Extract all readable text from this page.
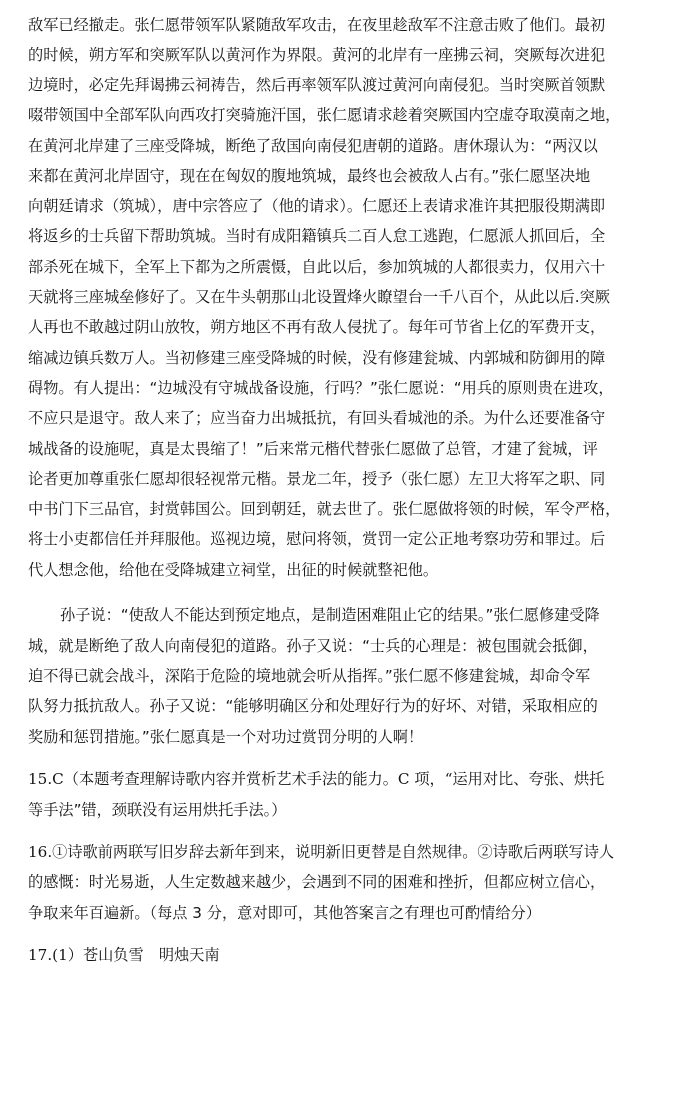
敌军已经撤走。张仁愿带领军队紧随敌军攻击，在夜里趁敌军不注意击败了他们。最初
的时候，朔方军和突厥军队以黄河作为界限。黄河的北岸有一座拂云祠，突厥每次进犯
边境时，必定先拜谒拂云祠祷告，然后再率领军队渡过黄河向南侵犯。当时突厥首领默
啜带领国中全部军队向西攻打突骑施汗国，张仁愿请求趁着突厥国内空虚夺取漠南之地，
在黄河北岸建了三座受降城，断绝了敌国向南侵犯唐朝的道路。唐休璟认为：“两汉以
来都在黄河北岸固守，现在在匈奴的腹地筑城，最终也会被敌人占有。”张仁愿坚决地
向朝廷请求（筑城），唐中宗答应了（他的请求）。仁愿还上表请求准许其把服役期满即
将返乡的士兵留下帮助筑城。当时有成阳籍镇兵二百人怠工逃跑，仁愿派人抓回后，全
部杀死在城下，全军上下都为之所震慑，自此以后，参加筑城的人都很卖力，仅用六十
天就将三座城垒修好了。又在牛头朝那山北设置烽火瞭望台一千八百个，从此以后.突厥
人再也不敢越过阴山放牧，朔方地区不再有敌人侵扰了。每年可节省上亿的军费开支，
缩减边镇兵数万人。当初修建三座受降城的时候，没有修建瓮城、内郭城和防御用的障
碍物。有人提出：“边城没有守城战备设施，行吗？”张仁愿说：“用兵的原则贵在进攻，
不应只是退守。敌人来了；应当奋力出城抵抗，有回头看城池的杀。为什么还要准备守
城战备的设施呢，真是太畏缩了！”后来常元楷代替张仁愿做了总管，才建了瓮城，评
论者更加尊重张仁愿却很轻视常元楷。景龙二年，授予（张仁愿）左卫大将军之职、同
中书门下三品官，封赏韩国公。回到朝廷，就去世了。张仁愿做将领的时候，军令严格，
将士小吏都信任并拜服他。巡视边境，慰问将领，赏罚一定公正地考察功劳和罪过。后
代人想念他，给他在受降城建立祠堂，出征的时候就整祀他。
孙子说：“使敌人不能达到预定地点，是制造困难阻止它的结果。”张仁愿修建受降
城，就是断绝了敌人向南侵犯的道路。孙子又说：“士兵的心理是：被包围就会抵御，
迫不得已就会战斗，深陷于危险的境地就会听从指挥。”张仁愿不修建瓮城，却命令军
队努力抵抗敌人。孙子又说：“能够明确区分和处理好行为的好坏、对错，采取相应的
奖励和惩罚措施。”张仁愿真是一个对功过赏罚分明的人啊！
15.C（本题考查理解诗歌内容并赏析艺术手法的能力。C 项，“运用对比、夸张、烘托
等手法”错，颈联没有运用烘托手法。）
16.①诗歌前两联写旧岁辞去新年到来，说明新旧更替是自然规律。②诗歌后两联写诗人
的感慨：时光易逝，人生定数越来越少，会遇到不同的困难和挫折，但都应树立信心，
争取来年百遍新。（每点 3 分，意对即可，其他答案言之有理也可酌情给分）
17.(1）苍山负雪　明烛天南
